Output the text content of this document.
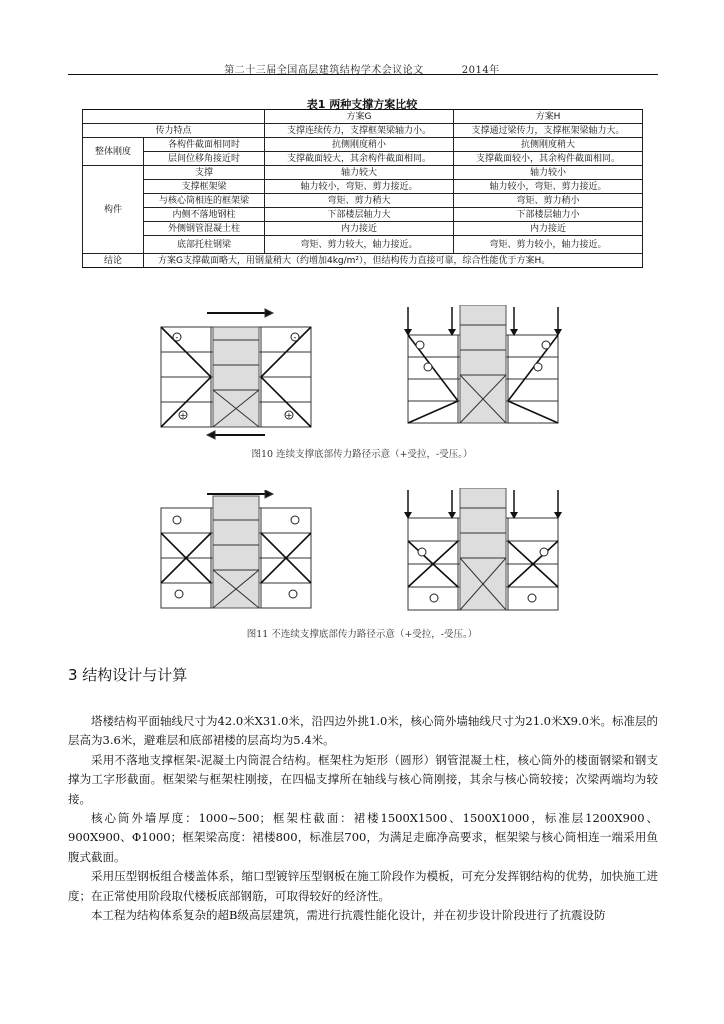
第二十三届全国高层建筑结构学术会议论文	2014年
表1 两种支撑方案比较
		方案G	方案H
传力特点		支撑连续传力，支撑框架梁轴力小。	支撑通过梁传力，支撑框架梁轴力大。
整体刚度	各构件截面相同时	抗侧刚度稍小	抗侧刚度稍大
	层间位移角接近时	支撑截面较大，其余构件截面相同。	支撑截面较小，其余构件截面相同。
构件	支撑	轴力较大	轴力较小
	支撑框架梁	轴力较小，弯矩、剪力接近。	轴力较小，弯矩、剪力接近。
	与核心筒相连的框架梁	弯矩、剪力稍大	弯矩、剪力稍小
	内侧不落地钢柱	下部楼层轴力大	下部楼层轴力小
	外侧钢管混凝土柱	内力接近	内力接近
	底部托柱钢梁	弯矩、剪力较大，轴力接近。	弯矩、剪力较小，轴力接近。
结论	方案G支撑截面略大，用钢量稍大（约增加4kg/m²），但结构传力直接可靠，综合性能优于方案H。		
-	-
+	+
图10 连续支撑底部传力路径示意（+受拉，-受压。）
图11 不连续支撑底部传力路径示意（+受拉，-受压。）
3 结构设计与计算

塔楼结构平面轴线尺寸为42.0米X31.0米，沿四边外挑1.0米，核心筒外墙轴线尺寸为21.0米X9.0米。标准层的层高为3.6米，避难层和底部裙楼的层高均为5.4米。

采用不落地支撑框架-泥凝土内筒混合结构。框架柱为矩形（圆形）钢管混凝土柱，核心筒外的楼面钢梁和钢支撑为工字形截面。框架梁与框架柱刚接，在四榀支撑所在轴线与核心筒刚接，其余与核心筒较接；次梁两端均为较接。

核心筒外墙厚度：1000~500；框架柱截面：裙楼1500X1500、1500X1000，标准层1200X900、900X900、Φ1000；框架梁高度：裙楼800，标准层700，为满足走廊净高要求，框架梁与核心筒相连一端采用鱼腹式截面。

采用压型钢板组合楼盖体系，缩口型镀锌压型钢板在施工阶段作为模板，可充分发挥钢结构的优势，加快施工进度；在正常使用阶段取代楼板底部钢筋，可取得较好的经济性。

本工程为结构体系复杂的超B级高层建筑，需进行抗震性能化设计，并在初步设计阶段进行了抗震设防
